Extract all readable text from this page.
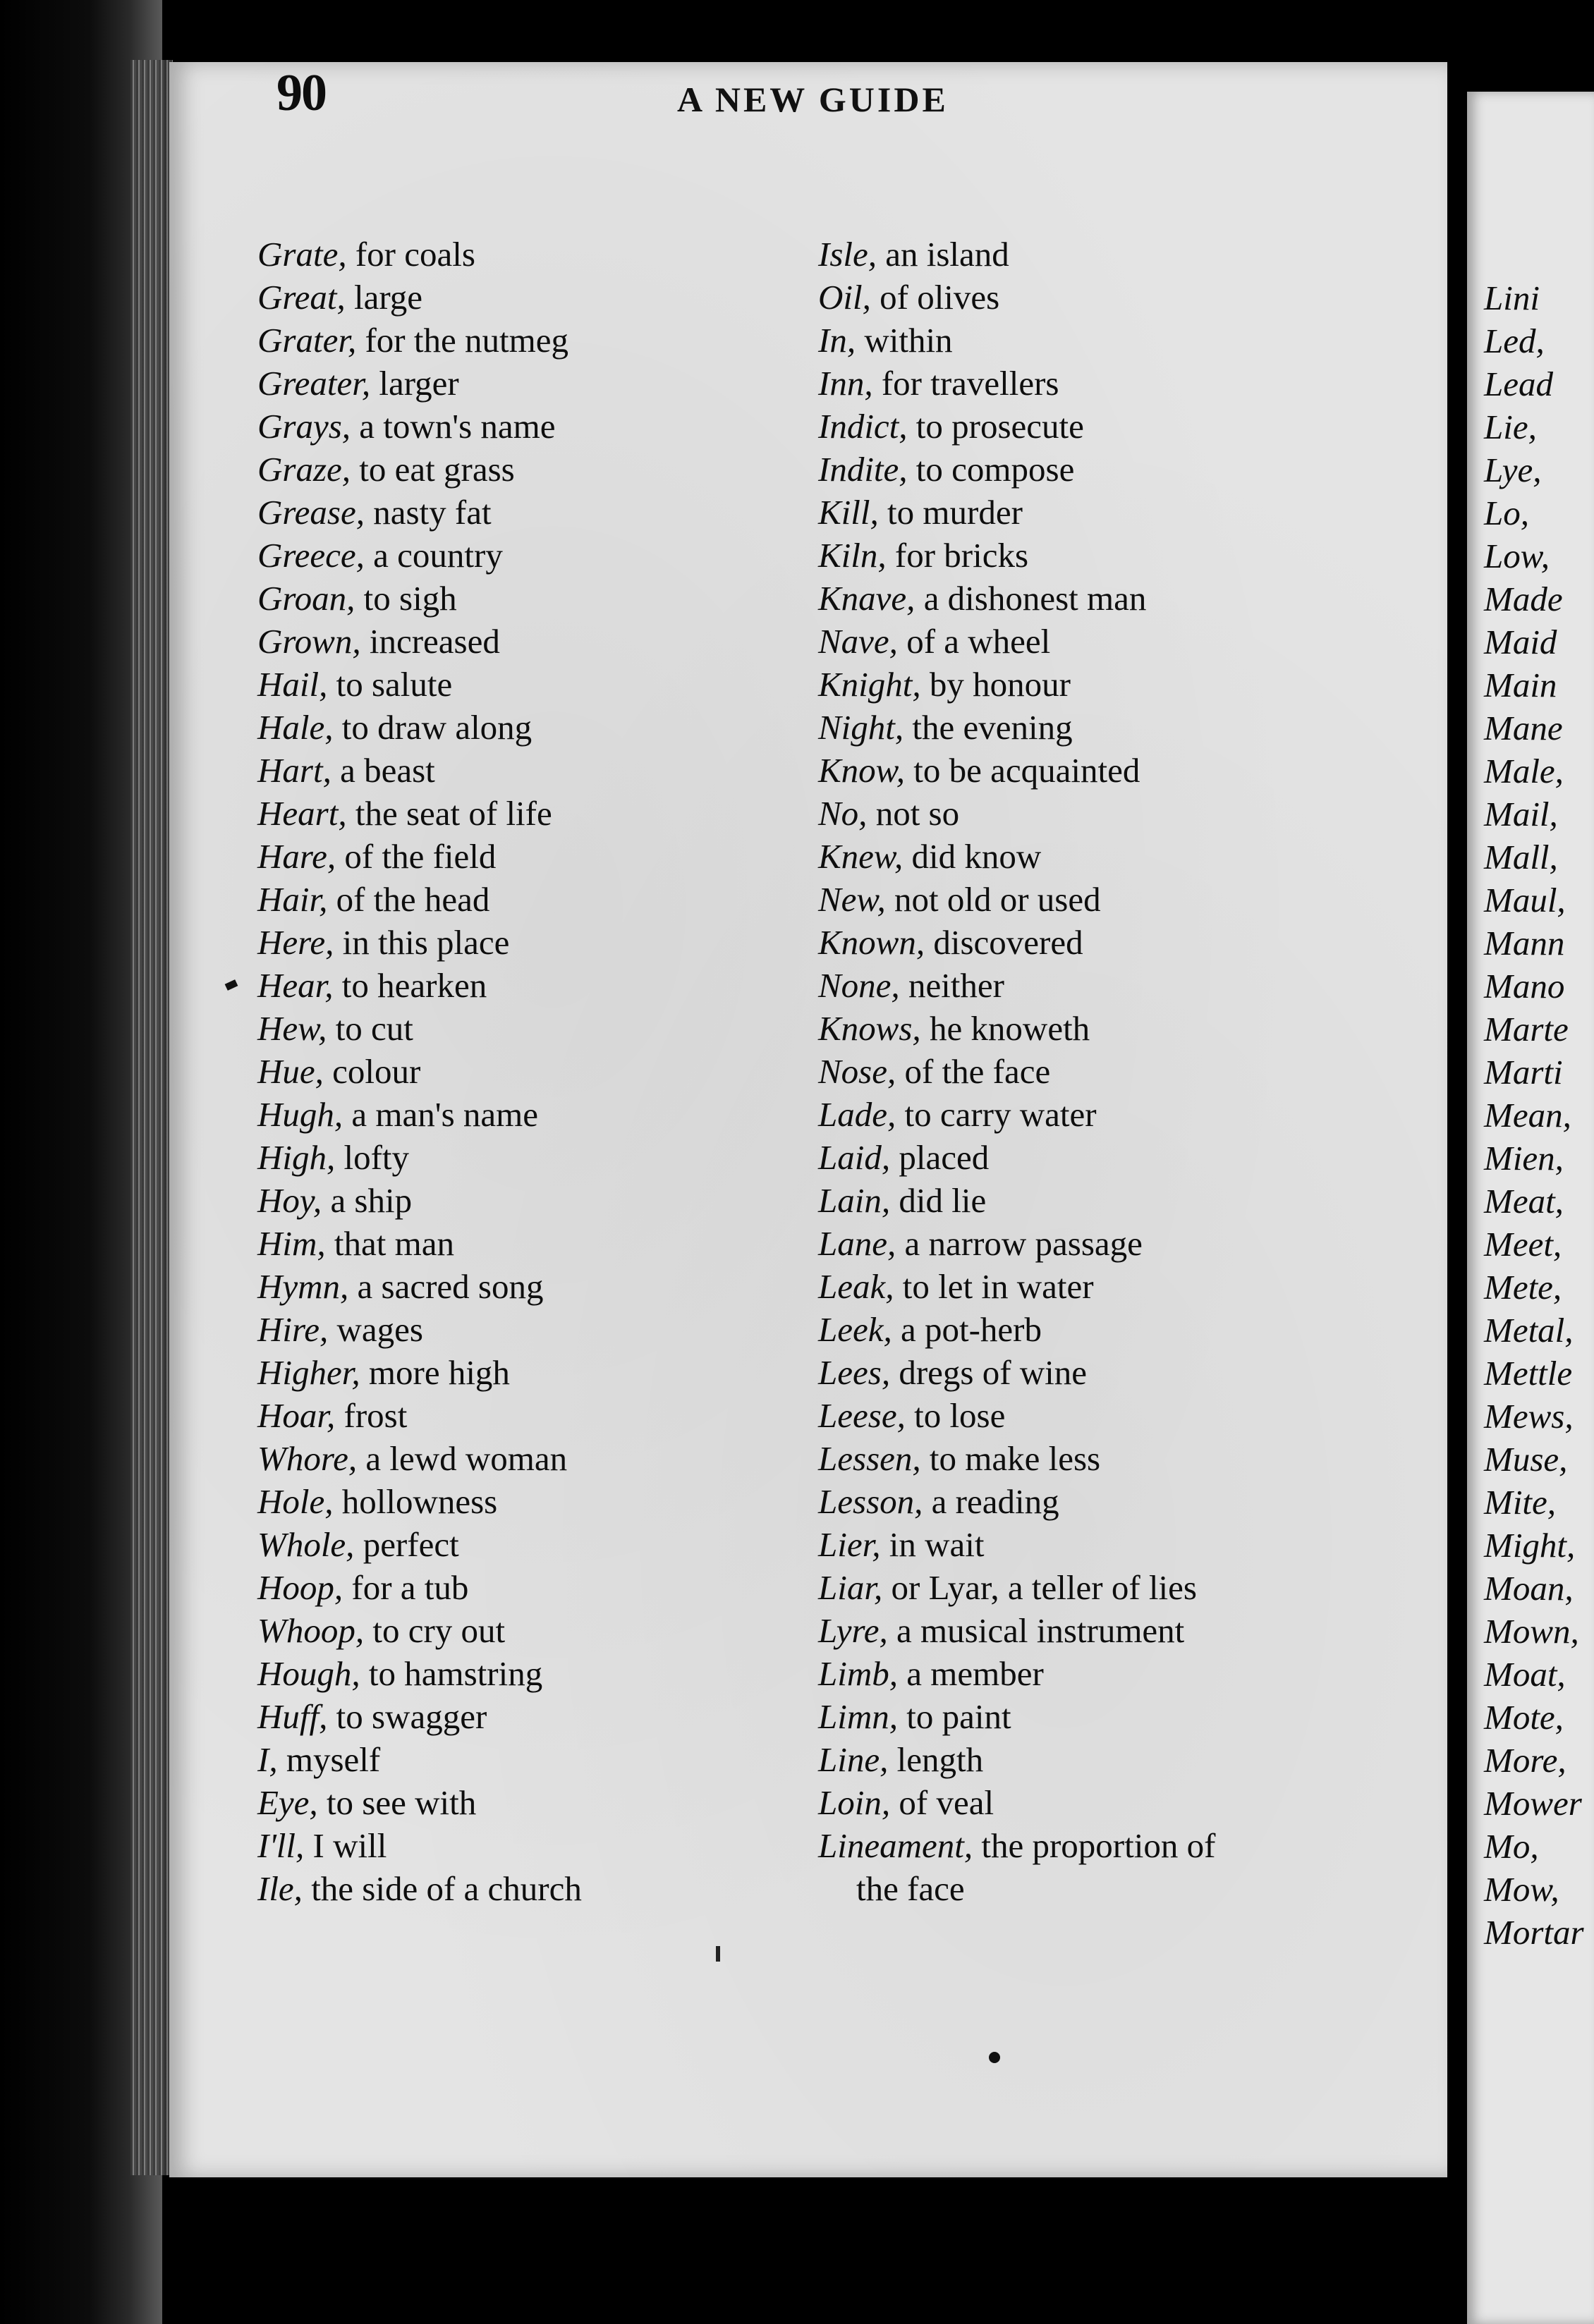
90	A NEW GUIDE
Grate, for coals
Great, large
Grater, for the nutmeg
Greater, larger
Grays, a town's name
Graze, to eat grass
Grease, nasty fat
Greece, a country
Groan, to sigh
Grown, increased
Hail, to salute
Hale, to draw along
Hart, a beast
Heart, the seat of life
Hare, of the field
Hair, of the head
Here, in this place
Hear, to hearken
Hew, to cut
Hue, colour
Hugh, a man's name
High, lofty
Hoy, a ship
Him, that man
Hymn, a sacred song
Hire, wages
Higher, more high
Hoar, frost
Whore, a lewd woman
Hole, hollowness
Whole, perfect
Hoop, for a tub
Whoop, to cry out
Hough, to hamstring
Huff, to swagger
I, myself
Eye, to see with
I'll, I will
Ile, the side of a church
Isle, an island
Oil, of olives
In, within
Inn, for travellers
Indict, to prosecute
Indite, to compose
Kill, to murder
Kiln, for bricks
Knave, a dishonest man
Nave, of a wheel
Knight, by honour
Night, the evening
Know, to be acquainted
No, not so
Knew, did know
New, not old or used
Known, discovered
None, neither
Knows, he knoweth
Nose, of the face
Lade, to carry water
Laid, placed
Lain, did lie
Lane, a narrow passage
Leak, to let in water
Leek, a pot-herb
Lees, dregs of wine
Leese, to lose
Lessen, to make less
Lesson, a reading
Lier, in wait
Liar, or Lyar, a teller of lies
Lyre, a musical instrument
Limb, a member
Limn, to paint
Line, length
Loin, of veal
Lineament, the proportion of
the face
Lini
Led,
Lead
Lie,
Lye,
Lo,
Low,
Made
Maid
Main
Mane
Male,
Mail,
Mall,
Maul,
Mann
Mano
Marte
Marti
Mean,
Mien,
Meat,
Meet,
Mete,
Metal,
Mettle
Mews,
Muse,
Mite,
Might,
Moan,
Mown,
Moat,
Mote,
More,
Mower
Mo,
Mow,
Mortar
